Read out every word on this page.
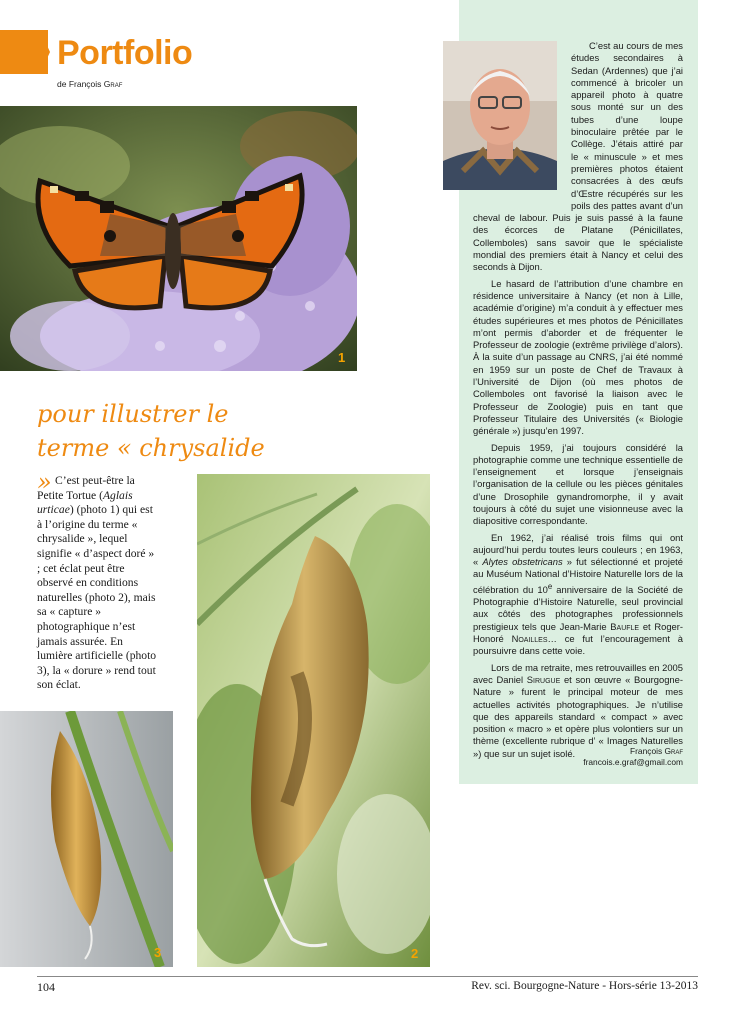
Portfolio
de François Graf
1
pour illustrer le
terme « chrysalide » C’est peut-être la Petite Tortue (Aglais urticae) (photo 1) qui est à l’origine du terme « chrysalide », lequel signifie « d’aspect doré » ; cet éclat peut être observé en conditions naturelles (photo 2), mais sa « capture » photographique n’est jamais assurée. En lumière artificielle (photo 3), la « dorure » rend tout son éclat.

2
3

C’est au cours de mes études secondaires à Sedan (Ardennes) que j’ai commencé à bricoler un appareil photo à quatre sous monté sur un des tubes d’une loupe binoculaire prêtée par le Collège. J’étais attiré par le « minuscule » et mes premières photos étaient consacrées à des œufs d’Œstre récupérés sur les poils des pattes avant d’un cheval de labour. Puis je suis passé à la faune des écorces de Platane (Pénicillates, Collemboles) sans savoir que le spécialiste mondial des premiers était à Nancy et celui des seconds à Dijon.

Le hasard de l’attribution d’une chambre en résidence universitaire à Nancy (et non à Lille, académie d’origine) m’a conduit à y effectuer mes études supérieures et mes photos de Pénicillates m’ont permis d’aborder et de fréquenter le Professeur de zoologie (extrême privilège d’alors). À la suite d’un passage au CNRS, j’ai été nommé en 1959 sur un poste de Chef de Travaux à l’Université de Dijon (où mes photos de Collemboles ont favorisé la liaison avec le Professeur de Zoologie) puis en tant que Professeur Titulaire des Universités (« Biologie générale ») jusqu’en 1997.

Depuis 1959, j’ai toujours considéré la photographie comme une technique essentielle de l’enseignement et lorsque j’enseignais l’organisation de la cellule ou les pièces génitales d’une Drosophile gynandromorphe, il y avait toujours à côté du sujet une visionneuse avec la diapositive correspondante.

En 1962, j’ai réalisé trois films qui ont aujourd’hui perdu toutes leurs couleurs ; en 1963, « Alytes obstetricans » fut sélectionné et projeté au Muséum National d’Histoire Naturelle lors de la célébration du 10e anniversaire de la Société de Photographie d’Histoire Naturelle, seul provincial aux côtés des photographes professionnels prestigieux tels que Jean-Marie Baufle et Roger-Honoré Noailles… ce fut l’encouragement à poursuivre dans cette voie.

Lors de ma retraite, mes retrouvailles en 2005 avec Daniel Sirugue et son œuvre « Bourgogne-Nature » furent le principal moteur de mes actuelles activités photographiques. Je n’utilise que des appareils standard « compact » avec position « macro » et opère plus volontiers sur un thème (excellente rubrique d’ « Images Naturelles ») que sur un sujet isolé.	François Graf
francois.e.graf@gmail.com
104	Rev. sci. Bourgogne-Nature - Hors-série 13-2013
